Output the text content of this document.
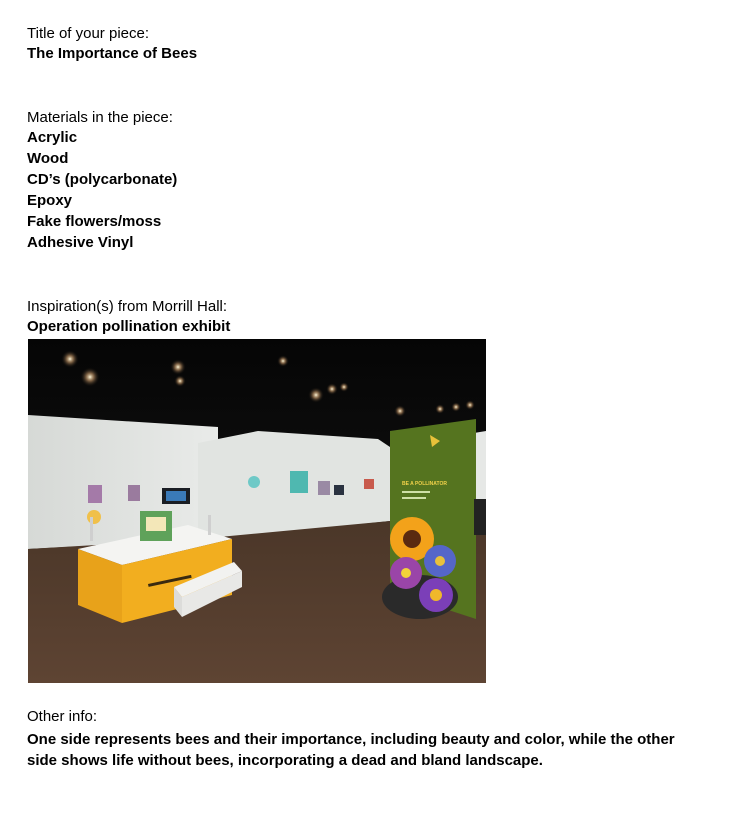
Title of your piece:
The Importance of Bees
Materials in the piece:
Acrylic
Wood
CD’s (polycarbonate)
Epoxy
Fake flowers/moss
Adhesive Vinyl
Inspiration(s) from Morrill Hall:
Operation pollination exhibit
BE A POLLINATOR
Other info:
One side represents bees and their importance, including beauty and color, while the other side shows life without bees, incorporating a dead and bland landscape.
